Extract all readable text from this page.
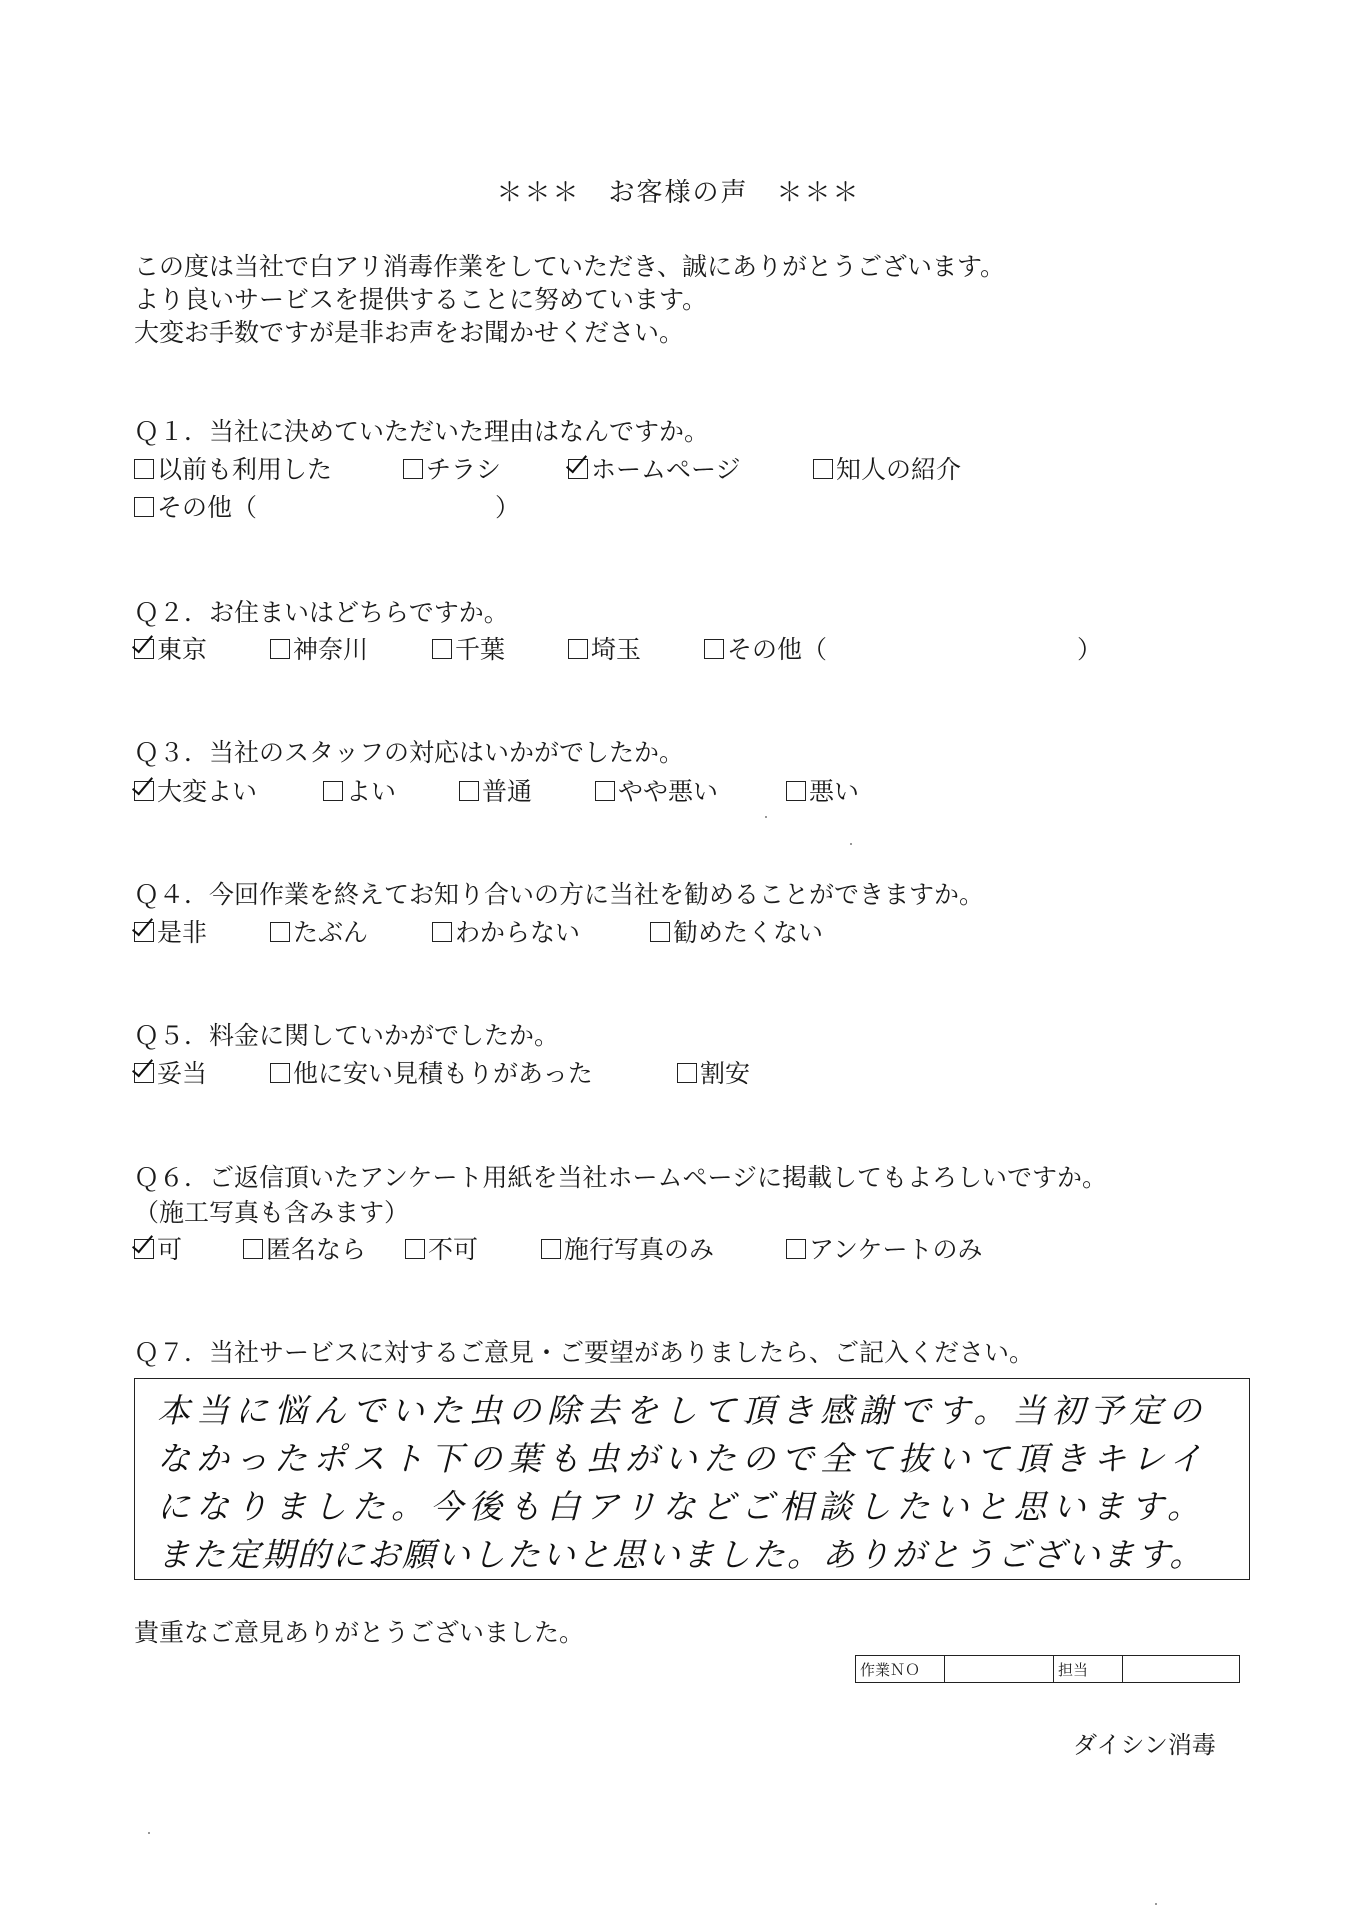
＊＊＊　お客様の声　＊＊＊
この度は当社で白アリ消毒作業をしていただき、誠にありがとうございます。
より良いサービスを提供することに努めています。
大変お手数ですが是非お声をお聞かせください。
Ｑ１．当社に決めていただいた理由はなんですか。
以前も利用した	チラシ	ホームページ	知人の紹介
その他（	）
Ｑ２．お住まいはどちらですか。
東京	神奈川	千葉	埼玉	その他（	）
Ｑ３．当社のスタッフの対応はいかがでしたか。
大変よい	よい	普通	やや悪い	悪い
Ｑ４．今回作業を終えてお知り合いの方に当社を勧めることができますか。
是非	たぶん	わからない	勧めたくない
Ｑ５．料金に関していかがでしたか。
妥当	他に安い見積もりがあった	割安
Ｑ６．ご返信頂いたアンケート用紙を当社ホームページに掲載してもよろしいですか。
（施工写真も含みます）
可	匿名なら 不可	施行写真のみ	アンケートのみ
Ｑ７．当社サービスに対するご意見・ご要望がありましたら、ご記入ください。
本当に悩んでいた虫の除去をして頂き感謝です。当初予定の
なかったポスト下の葉も虫がいたので全て抜いて頂きキレイ
になりました。今後も白アリなどご相談したいと思います。
また定期的にお願いしたいと思いました。ありがとうございます。
貴重なご意見ありがとうございました。
作業ＮＯ		担当	
ダイシン消毒
